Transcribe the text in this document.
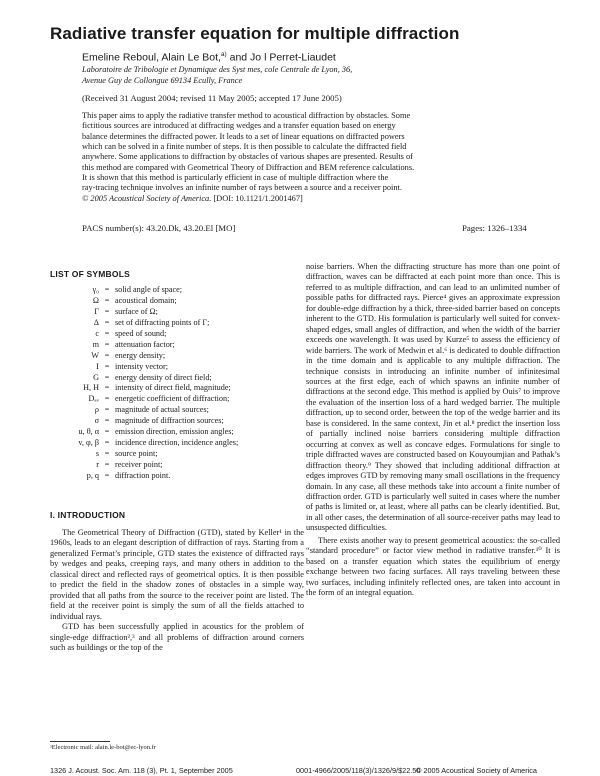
Radiative transfer equation for multiple diffraction
Emeline Reboul, Alain Le Bot,$^{a)}$ and Jo l Perret-Liaudet
Laboratoire de Tribologie et Dynamique des Syst mes, cole Centrale de Lyon, 36,
Avenue Guy de Collongue 69134 Ecully, France
(Received 31 August 2004; revised 11 May 2005; accepted 17 June 2005)
This paper aims to apply the radiative transfer method to acoustical diffraction by obstacles. Some
fictitious sources are introduced at diffracting wedges and a transfer equation based on energy
balance determines the diffracted power. It leads to a set of linear equations on diffracted powers
which can be solved in a finite number of steps. It is then possible to calculate the diffracted field
anywhere. Some applications to diffraction by obstacles of various shapes are presented. Results of
this method are compared with Geometrical Theory of Diffraction and BEM reference calculations.
It is shown that this method is particularly efficient in case of multiple diffraction where the
ray-tracing technique involves an infinite number of rays between a source and a receiver point.
© 2005 Acoustical Society of America. [DOI: 10.1121/1.2001467]
PACS number(s): 43.20.Dk, 43.20.El [MO]	Pages: 1326–1334
LIST OF SYMBOLS
γ₀ = solid angle of space;
Ω = acoustical domain;
Γ = surface of Ω;
Δ = set of diffracting points of Γ;
c = speed of sound;
m = attenuation factor;
W = energy density;
I = intensity vector;
G = energy density of direct field;
H, H = intensity of direct field, magnitude;
Dₐᵥ = energetic coefficient of diffraction;
ρ = magnitude of actual sources;
σ = magnitude of diffraction sources;
u, θ, α = emission direction, emission angles;
v, φ, β = incidence direction, incidence angles;
s = source point;
r = receiver point;
p, q = diffraction point.
I. INTRODUCTION

The Geometrical Theory of Diffraction (GTD), stated by Keller¹ in the 1960s, leads to an elegant description of diffraction of rays. Starting from a generalized Fermat’s principle, GTD states the existence of diffracted rays by wedges and peaks, creeping rays, and many others in addition to the classical direct and reflected rays of geometrical optics. It is then possible to predict the field in the shadow zones of obstacles in a simple way, provided that all paths from the source to the receiver point are listed. The field at the receiver point is simply the sum of all the fields attached to individual rays.

GTD has been successfully applied in acoustics for the problem of single-edge diffraction²,³ and all problems of diffraction around corners such as buildings or the top of the

noise barriers. When the diffracting structure has more than one point of diffraction, waves can be diffracted at each point more than once. This is referred to as multiple diffraction, and can lead to an unlimited number of possible paths for diffracted rays. Pierce⁴ gives an approximate expression for double-edge diffraction by a thick, three-sided barrier based on concepts inherent to the GTD. His formulation is particularly well suited for convex-shaped edges, small angles of diffraction, and when the width of the barrier exceeds one wavelength. It was used by Kurze⁵ to assess the efficiency of wide barriers. The work of Medwin et al.⁶ is dedicated to double diffraction in the time domain and is applicable to any multiple diffraction. The technique consists in introducing an infinite number of infinitesimal sources at the first edge, each of which spawns an infinite number of diffractions at the second edge. This method is applied by Ouis⁷ to improve the evaluation of the insertion loss of a hard wedged barrier. The multiple diffraction, up to second order, between the top of the wedge barrier and its base is considered. In the same context, Jin et al.⁸ predict the insertion loss of partially inclined noise barriers considering multiple diffraction occurring at convex as well as concave edges. Formulations for single to triple diffracted waves are constructed based on Kouyoumjian and Pathak’s diffraction theory.⁹ They showed that including additional diffraction at edges improves GTD by removing many small oscillations in the frequency domain. In any case, all these methods take into account a finite number of diffraction order. GTD is particularly well suited in cases where the number of paths is limited or, at least, where all paths can be clearly identified. But, in all other cases, the determination of all source-receiver paths may lead to unsuspected difficulties.

There exists another way to present geometrical acoustics: the so-called “standard procedure” or factor view method in radiative transfer.¹⁰ It is based on a transfer equation which states the equilibrium of energy exchange between two facing surfaces. All rays traveling between these two surfaces, including infinitely reflected ones, are taken into account in the form of an integral equation.

ᵃElectronic mail: alain.le-bot@ec-lyon.fr
1326 J. Acoust. Soc. Am. 118 (3), Pt. 1, September 2005	0001-4966/2005/118(3)/1326/9/$22.50
© 2005 Acoustical Society of America
